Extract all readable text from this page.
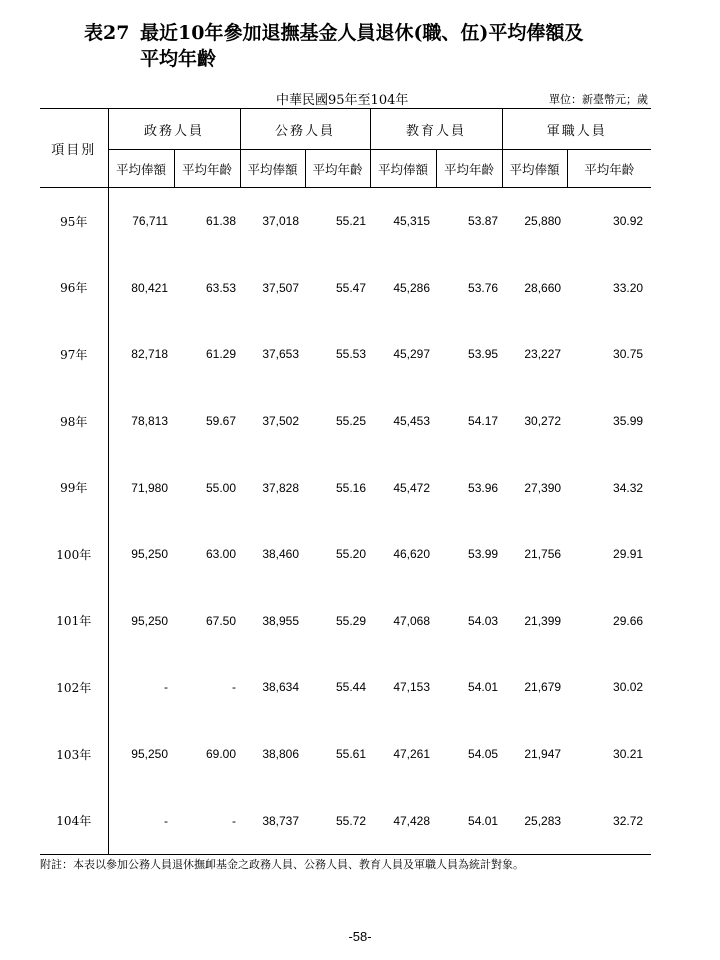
表27 最近10年參加退撫基金人員退休(職、伍)平均俸額及
平均年齡
中華民國95年至104年	單位：新臺幣元；歲
項目別	政務人員		公務人員		教育人員		軍職人員	
	平均俸額	平均年齡	平均俸額	平均年齡	平均俸額	平均年齡	平均俸額	平均年齡
95年	76,711	61.38	37,018	55.21	45,315	53.87	25,880	30.92
96年	80,421	63.53	37,507	55.47	45,286	53.76	28,660	33.20
97年	82,718	61.29	37,653	55.53	45,297	53.95	23,227	30.75
98年	78,813	59.67	37,502	55.25	45,453	54.17	30,272	35.99
99年	71,980	55.00	37,828	55.16	45,472	53.96	27,390	34.32
100年	95,250	63.00	38,460	55.20	46,620	53.99	21,756	29.91
101年	95,250	67.50	38,955	55.29	47,068	54.03	21,399	29.66
102年	-	-	38,634	55.44	47,153	54.01	21,679	30.02
103年	95,250	69.00	38,806	55.61	47,261	54.05	21,947	30.21
104年	-	-	38,737	55.72	47,428	54.01	25,283	32.72
附註：本表以參加公務人員退休撫卹基金之政務人員、公務人員、教育人員及軍職人員為統計對象。
-58-
